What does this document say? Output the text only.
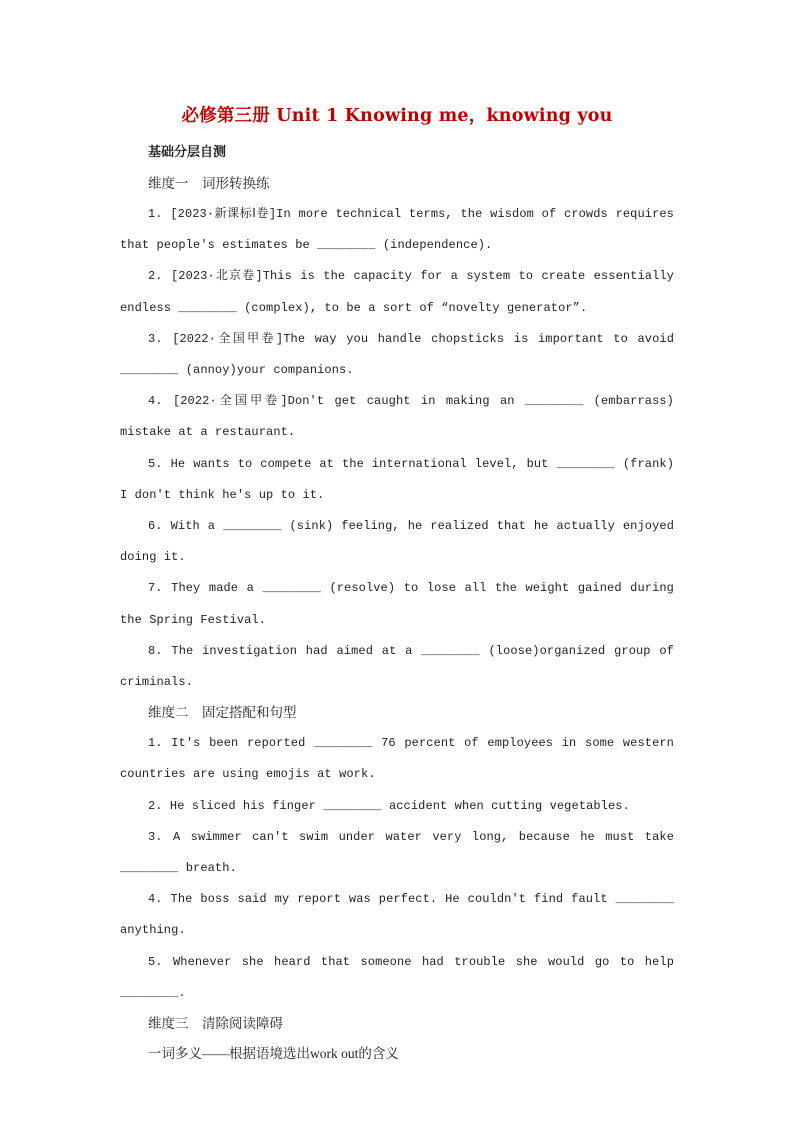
必修第三册 Unit 1 Knowing me，knowing you
基础分层自测
维度一　词形转换练
1. [2023·新课标Ⅰ卷]In more technical terms, the wisdom of crowds requires that people's estimates be ________ (independence).
2. [2023·北京卷]This is the capacity for a system to create essentially endless ________ (complex), to be a sort of “novelty generator”.
3. [2022·全国甲卷]The way you handle chopsticks is important to avoid ________ (annoy)your companions.
4. [2022·全国甲卷]Don't get caught in making an ________ (embarrass) mistake at a restaurant.
5. He wants to compete at the international level, but ________ (frank) I don't think he's up to it.
6. With a ________ (sink) feeling, he realized that he actually enjoyed doing it.
7. They made a ________ (resolve) to lose all the weight gained during the Spring Festival.
8. The investigation had aimed at a ________ (loose)organized group of criminals.
维度二　固定搭配和句型
1. It's been reported ________ 76 percent of employees in some western countries are using emojis at work.
2. He sliced his finger ________ accident when cutting vegetables.
3. A swimmer can't swim under water very long, because he must take ________ breath.
4. The boss said my report was perfect. He couldn't find fault ________ anything.
5. Whenever she heard that someone had trouble she would go to help ________.
维度三　清除阅读障碍
一词多义——根据语境选出work out的含义
